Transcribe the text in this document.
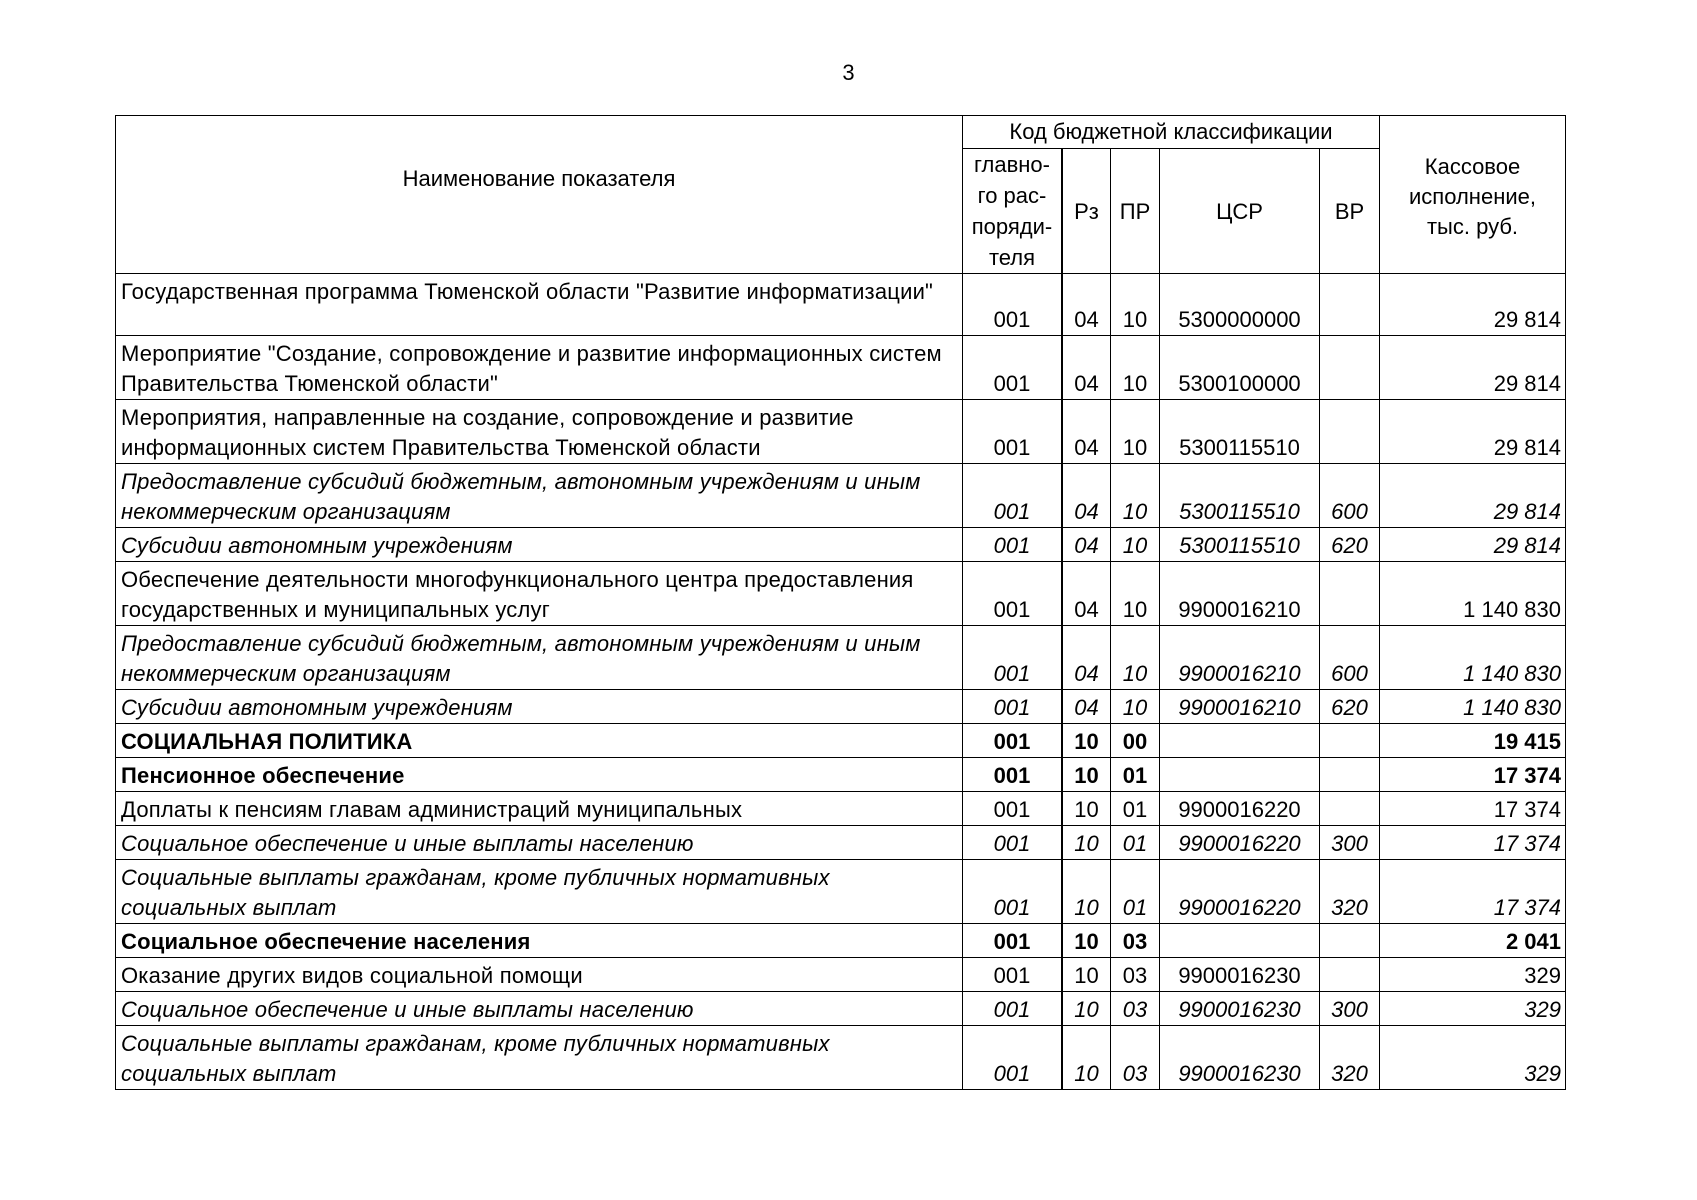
3
Наименование показателя	Код бюджетной классификации					Кассовое
исполнение,
тыс. руб.

	главно-
го рас-
поряди-
теля	Рз	ПР	ЦСР	ВР	
Государственная программа Тюменской области "Развитие информатизации"	001	04	10	5300000000		29 814
Мероприятие "Создание, сопровождение и развитие информационных систем Правительства Тюменской области"	001	04	10	5300100000		29 814
Мероприятия, направленные на создание, сопровождение и развитие информационных систем Правительства Тюменской области	001	04	10	5300115510		29 814
Предоставление субсидий бюджетным, автономным учреждениям и иным некоммерческим организациям	001	04	10	5300115510	600	29 814
Субсидии автономным учреждениям	001	04	10	5300115510	620	29 814
Обеспечение деятельности многофункционального центра предоставления государственных и муниципальных услуг	001	04	10	9900016210		1 140 830
Предоставление субсидий бюджетным, автономным учреждениям и иным некоммерческим организациям	001	04	10	9900016210	600	1 140 830
Субсидии автономным учреждениям	001	04	10	9900016210	620	1 140 830
СОЦИАЛЬНАЯ ПОЛИТИКА	001	10	00			19 415
Пенсионное обеспечение	001	10	01			17 374
Доплаты к пенсиям главам администраций муниципальных	001	10	01	9900016220		17 374
Социальное обеспечение и иные выплаты населению	001	10	01	9900016220	300	17 374
Социальные выплаты гражданам, кроме публичных нормативных социальных выплат	001	10	01	9900016220	320	17 374
Социальное обеспечение населения	001	10	03			2 041
Оказание других видов социальной помощи	001	10	03	9900016230		329
Социальное обеспечение и иные выплаты населению	001	10	03	9900016230	300	329
Социальные выплаты гражданам, кроме публичных нормативных социальных выплат	001	10	03	9900016230	320	329
